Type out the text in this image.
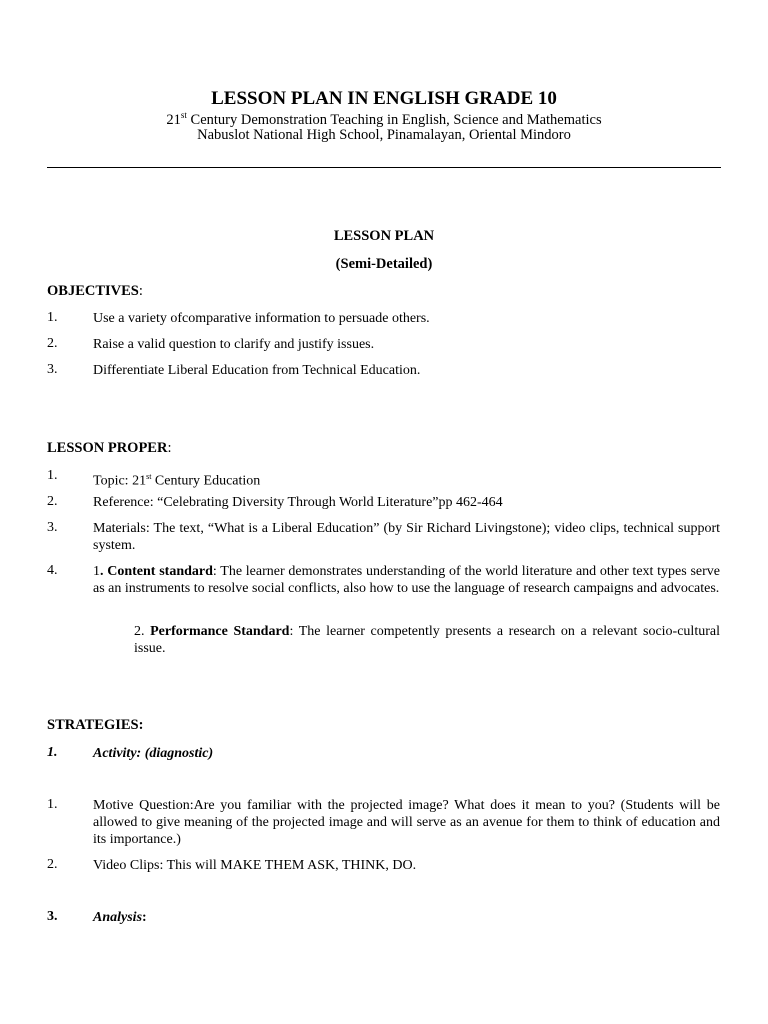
LESSON PLAN IN ENGLISH GRADE 10
21st Century Demonstration Teaching in English, Science and Mathematics
Nabuslot National High School, Pinamalayan, Oriental Mindoro
LESSON PLAN
(Semi-Detailed)
OBJECTIVES:
1.	Use a variety ofcomparative information to persuade others.
2.	Raise a valid question to clarify and justify issues.
3.	Differentiate Liberal Education from Technical Education.
LESSON PROPER:
1.	Topic: 21st Century Education
2.	Reference: “Celebrating Diversity Through World Literature”pp 462-464
3.	Materials: The text, “What is a Liberal Education” (by Sir Richard Livingstone); video clips, technical support system.
4.	1. Content standard: The learner demonstrates understanding of the world literature and other text types serve as an instruments to resolve social conflicts, also how to use the language of research campaigns and advocates.
2. Performance Standard: The learner competently presents a research on a relevant socio-cultural issue.
STRATEGIES:
1.	Activity: (diagnostic)
1.	Motive Question:Are you familiar with the projected image? What does it mean to you? (Students will be allowed to give meaning of the projected image and will serve as an avenue for them to think of education and its importance.)
2.	Video Clips: This will MAKE THEM ASK, THINK, DO.
3.	Analysis:
